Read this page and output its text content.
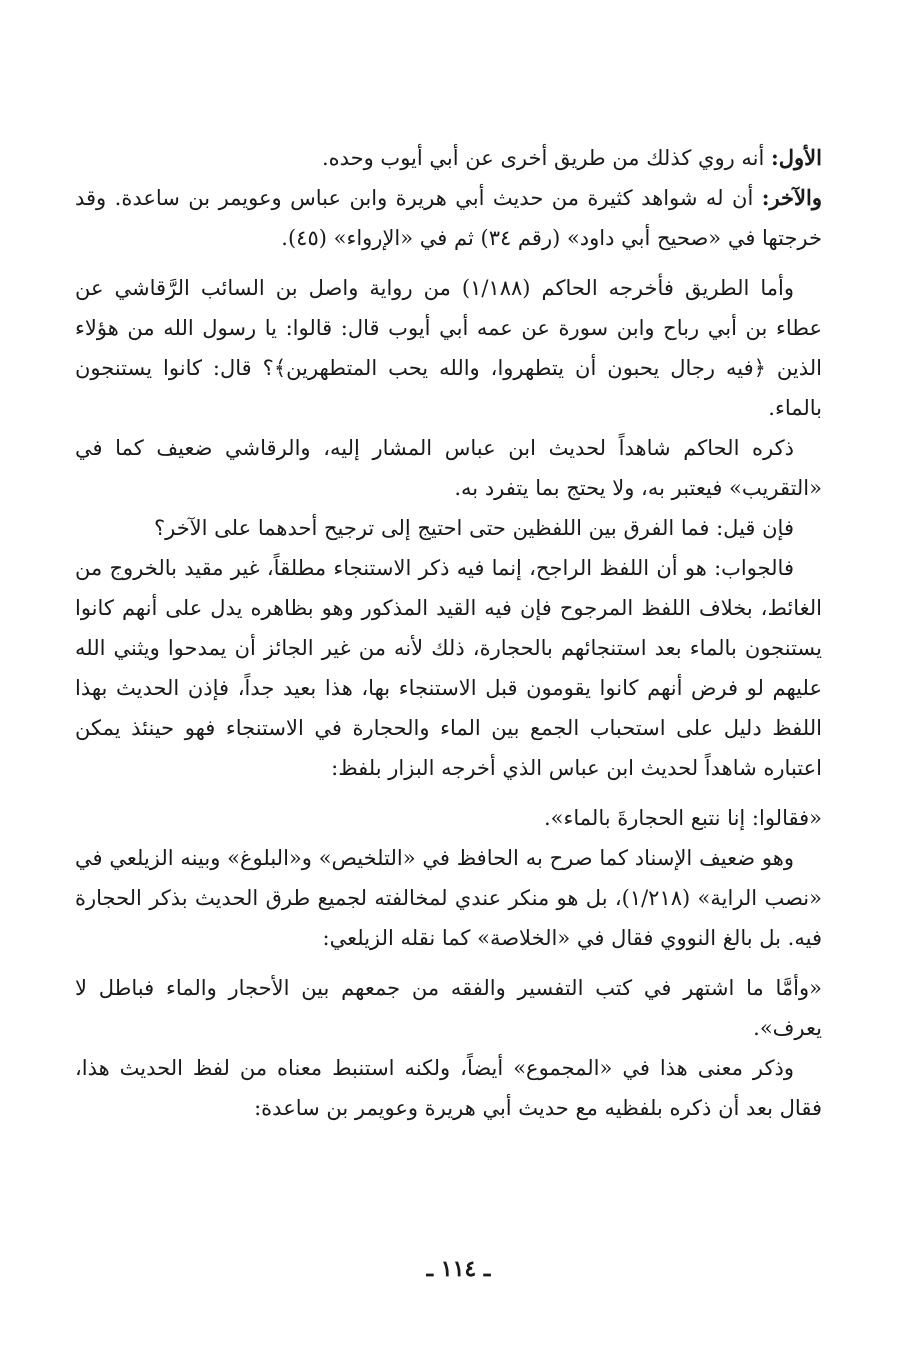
الأول: أنه روي كذلك من طريق أخرى عن أبي أيوب وحده.

والآخر: أن له شواهد كثيرة من حديث أبي هريرة وابن عباس وعويمر بن ساعدة. وقد خرجتها في «صحيح أبي داود» (رقم ٣٤) ثم في «الإرواء» (٤٥).

وأما الطريق فأخرجه الحاكم (١/١٨٨) من رواية واصل بن السائب الرَّقاشي عن عطاء بن أبي رباح وابن سورة عن عمه أبي أيوب قال: قالوا: يا رسول الله من هؤلاء الذين ﴿فيه رجال يحبون أن يتطهروا، والله يحب المتطهرين﴾؟ قال: كانوا يستنجون بالماء.

ذكره الحاكم شاهداً لحديث ابن عباس المشار إليه، والرقاشي ضعيف كما في «التقريب» فيعتبر به، ولا يحتج بما يتفرد به.

فإن قيل: فما الفرق بين اللفظين حتى احتيج إلى ترجيح أحدهما على الآخر؟

فالجواب: هو أن اللفظ الراجح، إنما فيه ذكر الاستنجاء مطلقاً، غير مقيد بالخروج من الغائط، بخلاف اللفظ المرجوح فإن فيه القيد المذكور وهو بظاهره يدل على أنهم كانوا يستنجون بالماء بعد استنجائهم بالحجارة، ذلك لأنه من غير الجائز أن يمدحوا ويثني الله عليهم لو فرض أنهم كانوا يقومون قبل الاستنجاء بها، هذا بعيد جداً، فإذن الحديث بهذا اللفظ دليل على استحباب الجمع بين الماء والحجارة في الاستنجاء فهو حينئذ يمكن اعتباره شاهداً لحديث ابن عباس الذي أخرجه البزار بلفظ:

«فقالوا: إنا نتبع الحجارةَ بالماء».

وهو ضعيف الإسناد كما صرح به الحافظ في «التلخيص» و«البلوغ» وبينه الزيلعي في «نصب الراية» (١/٢١٨)، بل هو منكر عندي لمخالفته لجميع طرق الحديث بذكر الحجارة فيه. بل بالغ النووي فقال في «الخلاصة» كما نقله الزيلعي:

«وأمَّا ما اشتهر في كتب التفسير والفقه من جمعهم بين الأحجار والماء فباطل لا يعرف».

وذكر معنى هذا في «المجموع» أيضاً، ولكنه استنبط معناه من لفظ الحديث هذا، فقال بعد أن ذكره بلفظيه مع حديث أبي هريرة وعويمر بن ساعدة:

ـ ١١٤ ـ
